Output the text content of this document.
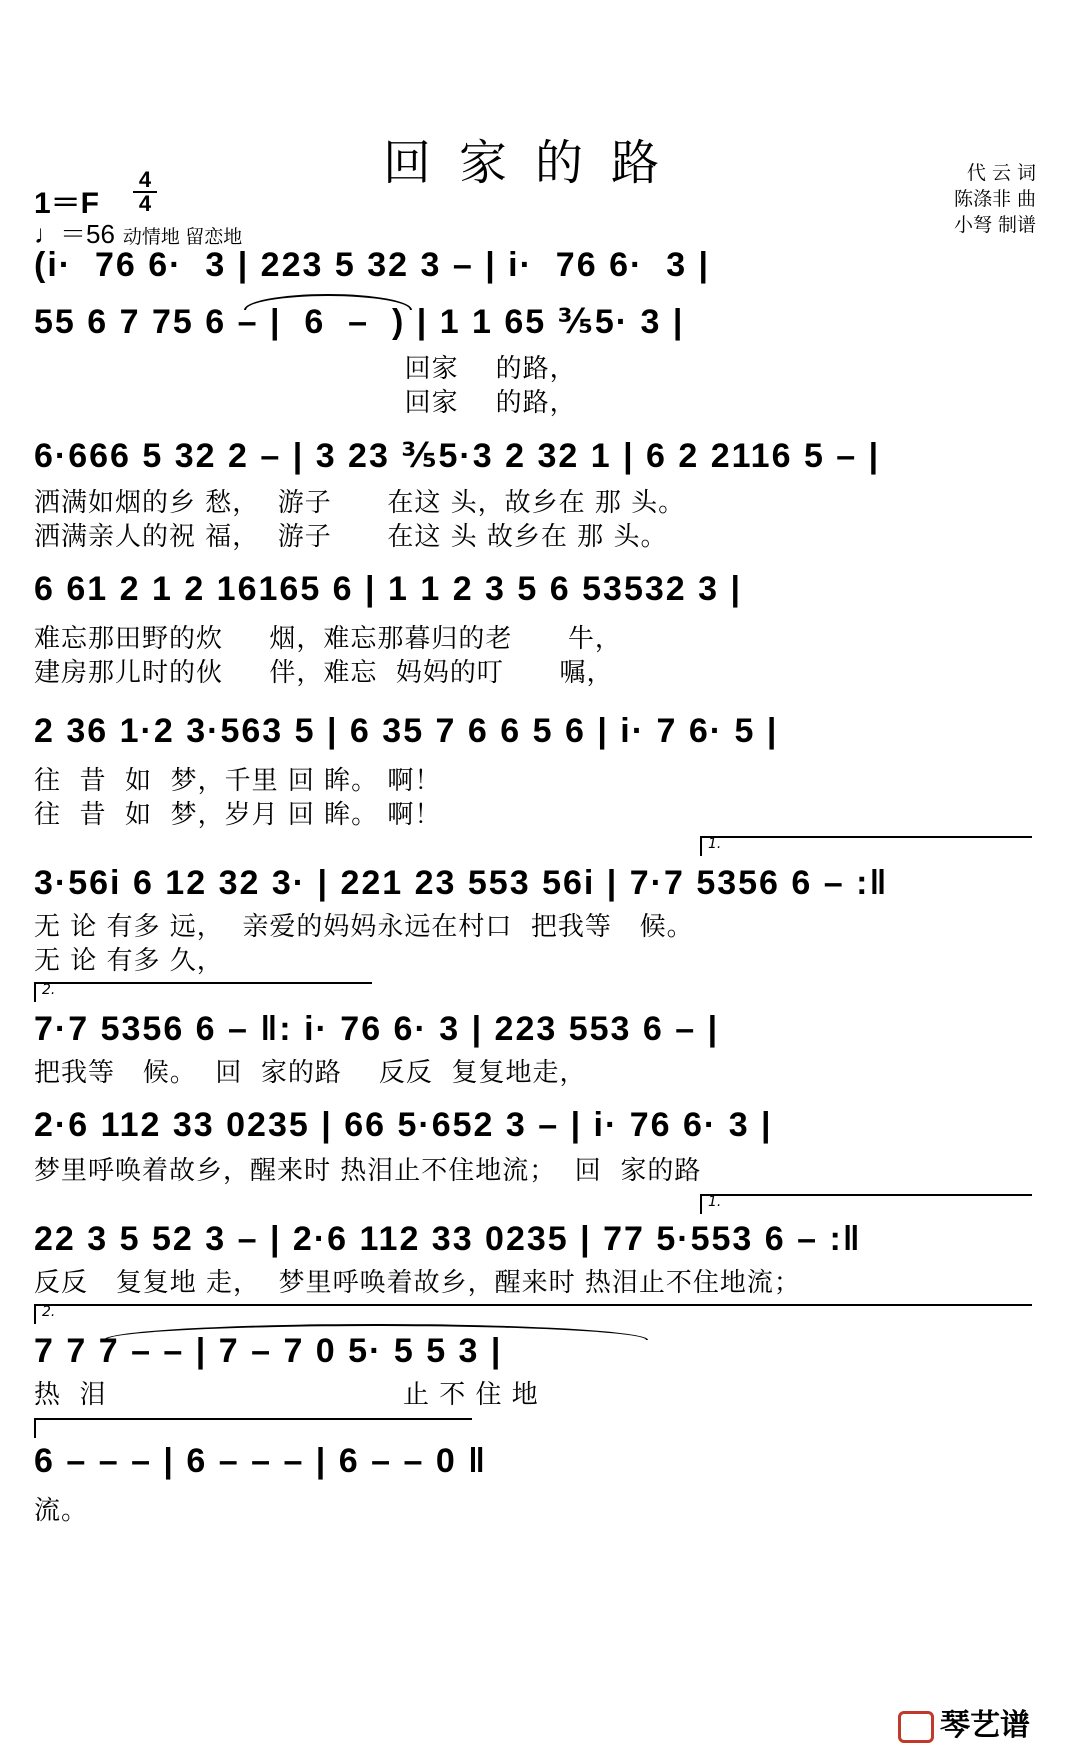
回家的路
1＝F
4
4
♩＝56 动情地 留恋地
代 云 词
陈涤非 曲
小弩 制谱
(i·  76 6·  3 | 223 5 32 3 – | i·  76 6·  3 |
55 6 7 75 6 – |  6  –  ) | 1 1 65 ⅗5· 3 |
回家    的路，
回家    的路，
6·666 5 32 2 – | 3 23 ⅗5·3 2 32 1 | 6 2 2116 5 – |
洒满如烟的乡 愁，  游子      在这 头，故乡在 那 头。
洒满亲人的祝 福，  游子      在这 头 故乡在 那 头。
6 61 2 1 2 16165 6 | 1 1 2 3 5 6 53532 3 |
难忘那田野的炊     烟，难忘那暮归的老      牛，
建房那儿时的伙     伴，难忘  妈妈的叮      嘱，
2 36 1·2 3·563 5 | 6 35 7 6 6 5 6 | i· 7 6· 5 |
往  昔  如  梦，千里 回 眸。 啊！
往  昔  如  梦，岁月 回 眸。 啊！
1.
3·56i 6 12 32 3· | 221 23 553 56i | 7·7 5356 6 – :‖
无 论 有多 远，  亲爱的妈妈永远在村口  把我等   候。
无 论 有多 久，
2.
7·7 5356 6 – ‖: i· 76 6· 3 | 223 553 6 – |
把我等   候。  回  家的路    反反  复复地走，
2·6 112 33 0235 | 66 5·652 3 – | i· 76 6· 3 |
梦里呼唤着故乡，醒来时 热泪止不住地流；  回  家的路
1.
22 3 5 52 3 – | 2·6 112 33 0235 | 77 5·553 6 – :‖
反反   复复地 走，  梦里呼唤着故乡，醒来时 热泪止不住地流；
2.
7 7 7 – – | 7 – 7 0 5· 5 5 3 |
热  泪                                止 不 住 地
6 – – – | 6 – – – | 6 – – 0 ‖
流。
琴艺谱
